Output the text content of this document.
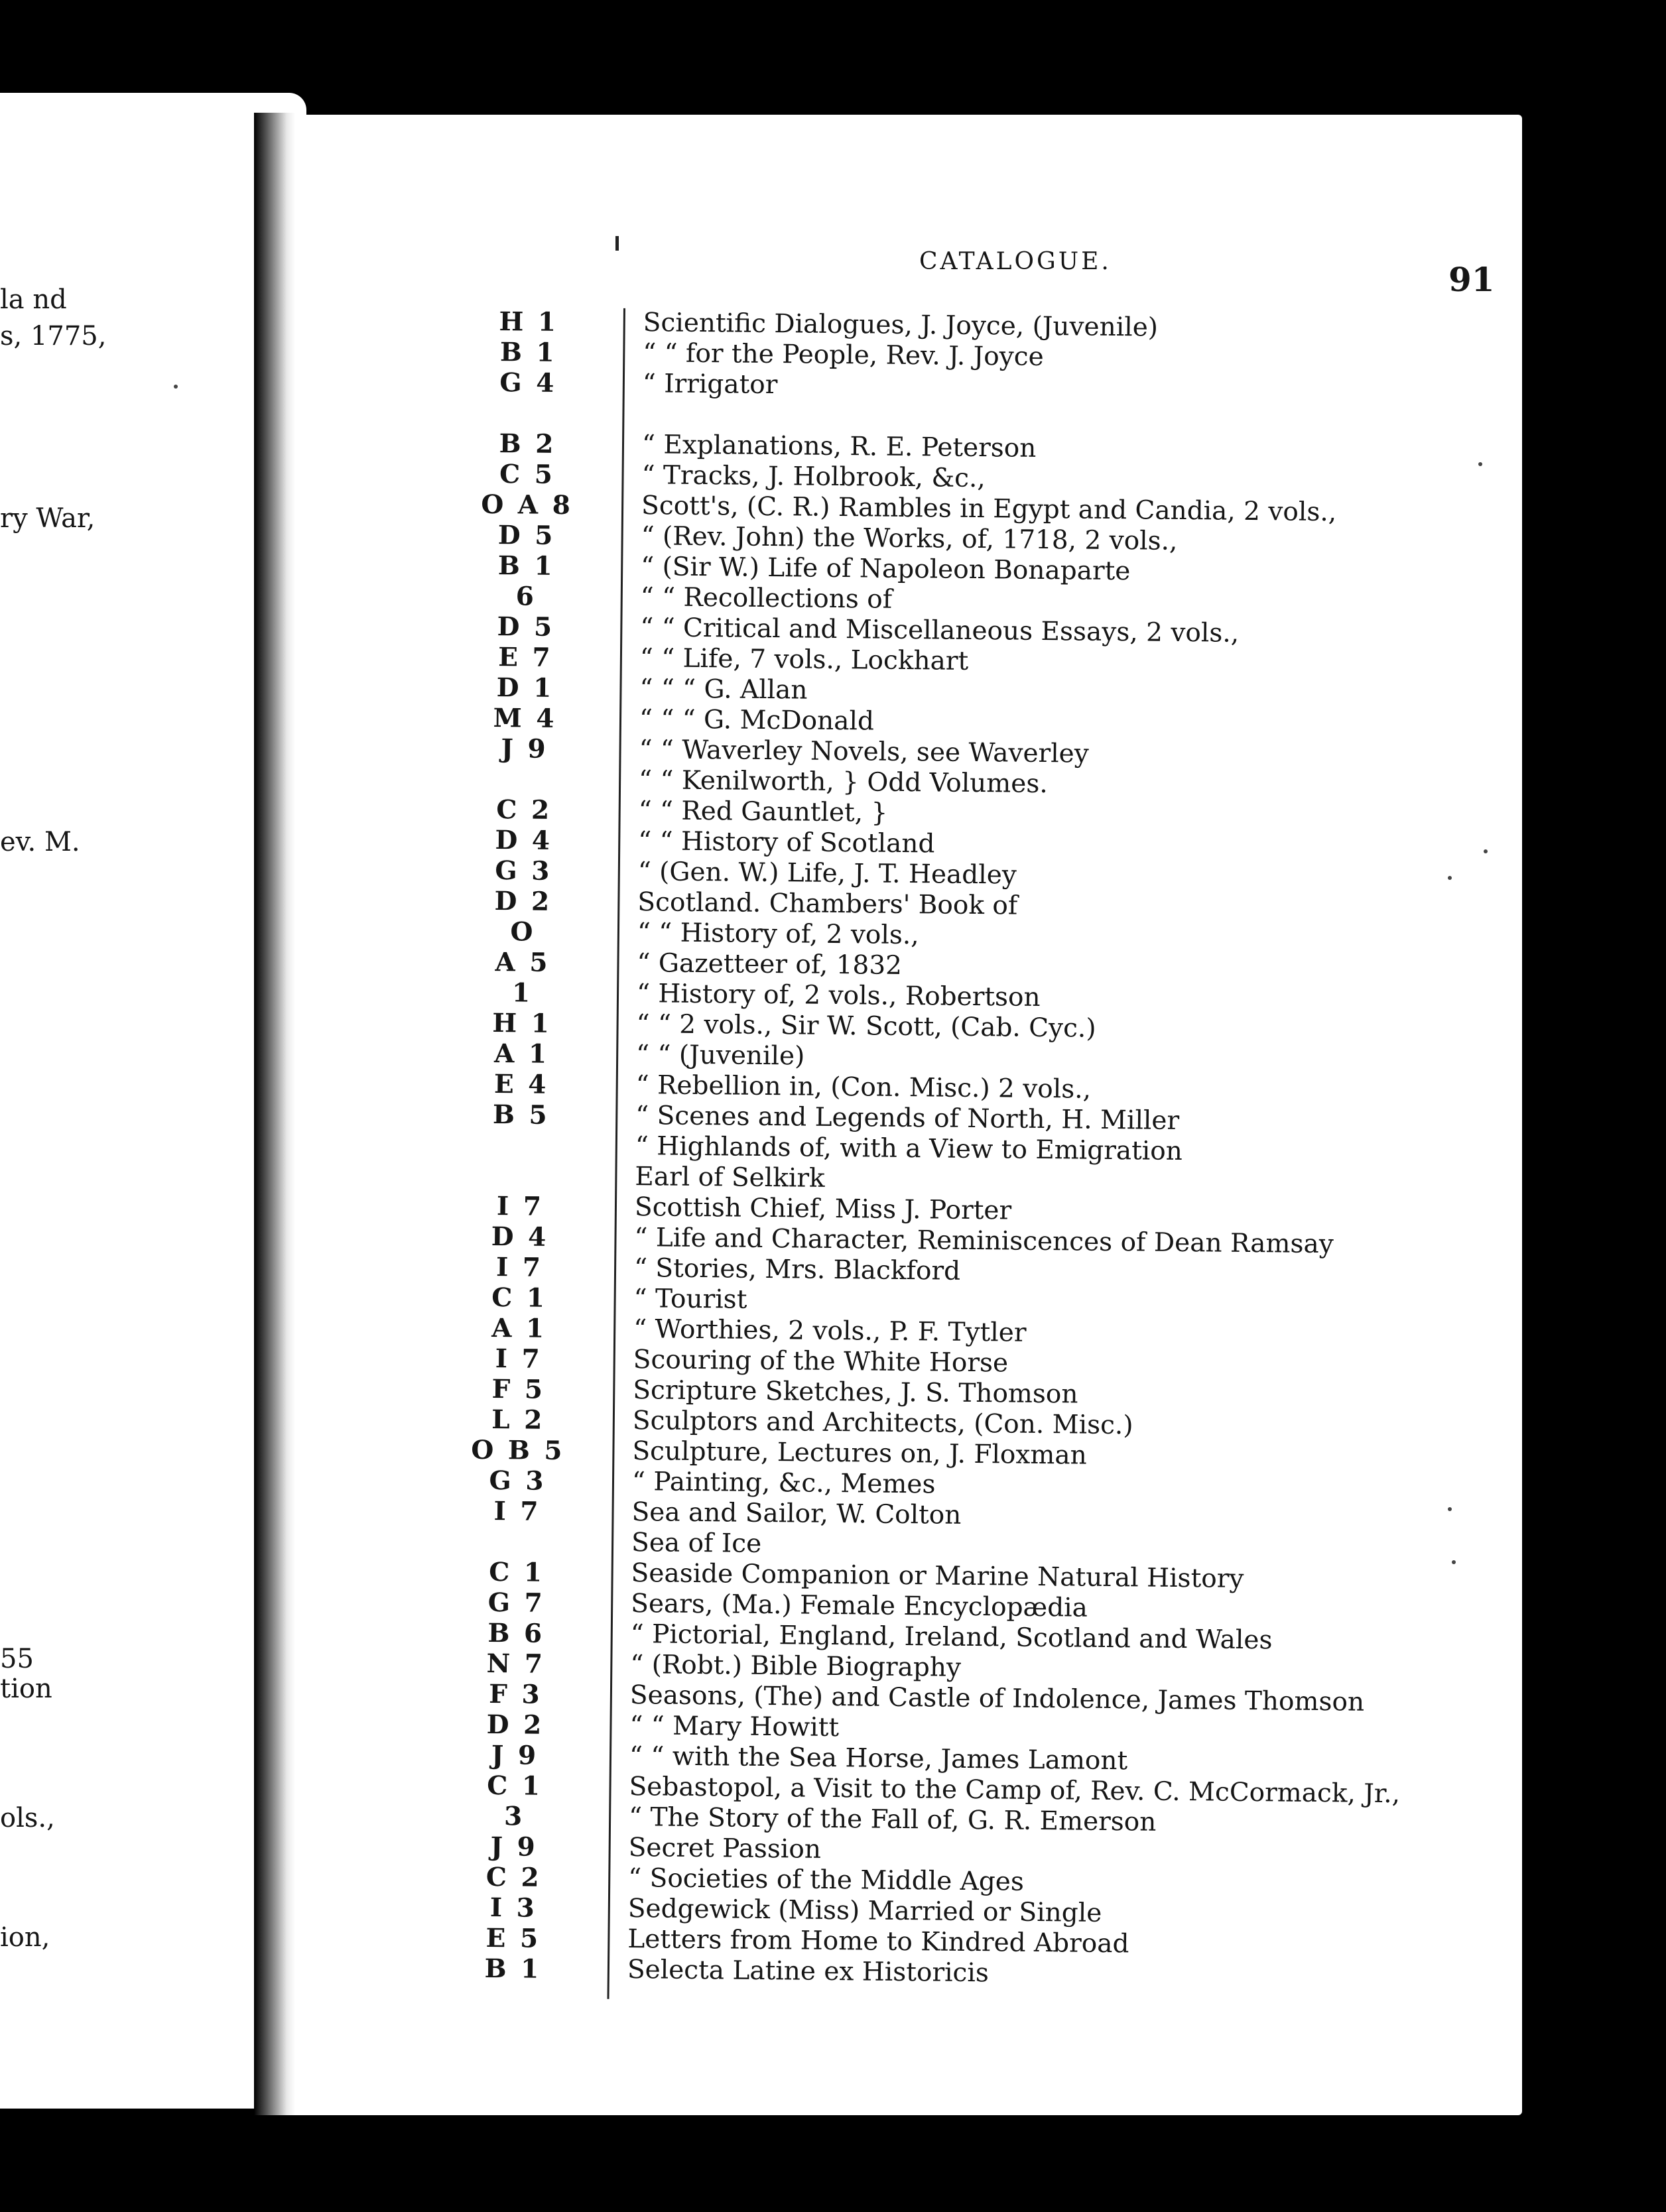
la nd
s, 1775,
ry War,
ev. M.
55
tion
ols.,
ion,
CATALOGUE.	91
H 1	Scientific Dialogues, J. Joyce, (Juvenile)
B 1	“ “ for the People, Rev. J. Joyce
G 4	“ Irrigator
B 2	“ Explanations, R. E. Peterson
C 5	“ Tracks, J. Holbrook, &c.,
O A 8	Scott's, (C. R.) Rambles in Egypt and Candia, 2 vols.,
D 5	“ (Rev. John) the Works, of, 1718, 2 vols.,
B 1	“ (Sir W.) Life of Napoleon Bonaparte
6	“ “ Recollections of
D 5	“ “ Critical and Miscellaneous Essays, 2 vols.,
E 7	“ “ Life, 7 vols., Lockhart
D 1	“ “ “ G. Allan
M 4	“ “ “ G. McDonald
J 9	“ “ Waverley Novels, see Waverley
“ “ Kenilworth, } Odd Volumes.
C 2	“ “ Red Gauntlet, }
D 4	“ “ History of Scotland
G 3	“ (Gen. W.) Life, J. T. Headley
D 2	Scotland. Chambers' Book of
O	“ “ History of, 2 vols.,
A 5	“ Gazetteer of, 1832
1	“ History of, 2 vols., Robertson
H 1	“ “ 2 vols., Sir W. Scott, (Cab. Cyc.)
A 1	“ “ (Juvenile)
E 4	“ Rebellion in, (Con. Misc.) 2 vols.,
B 5	“ Scenes and Legends of North, H. Miller
“ Highlands of, with a View to Emigration
Earl of Selkirk
I 7	Scottish Chief, Miss J. Porter
D 4	“ Life and Character, Reminiscences of Dean Ramsay
I 7	“ Stories, Mrs. Blackford
C 1	“ Tourist
A 1	“ Worthies, 2 vols., P. F. Tytler
I 7	Scouring of the White Horse
F 5	Scripture Sketches, J. S. Thomson
L 2	Sculptors and Architects, (Con. Misc.)
O B 5	Sculpture, Lectures on, J. Floxman
G 3	“ Painting, &c., Memes
I 7	Sea and Sailor, W. Colton
Sea of Ice
C 1	Seaside Companion or Marine Natural History
G 7	Sears, (Ma.) Female Encyclopædia
B 6	“ Pictorial, England, Ireland, Scotland and Wales
N 7	“ (Robt.) Bible Biography
F 3	Seasons, (The) and Castle of Indolence, James Thomson
D 2	“ “ Mary Howitt
J 9	“ “ with the Sea Horse, James Lamont
C 1	Sebastopol, a Visit to the Camp of, Rev. C. McCormack, Jr.,
3	“ The Story of the Fall of, G. R. Emerson
J 9	Secret Passion
C 2	“ Societies of the Middle Ages
I 3	Sedgewick (Miss) Married or Single
E 5	Letters from Home to Kindred Abroad
B 1	Selecta Latine ex Historicis
